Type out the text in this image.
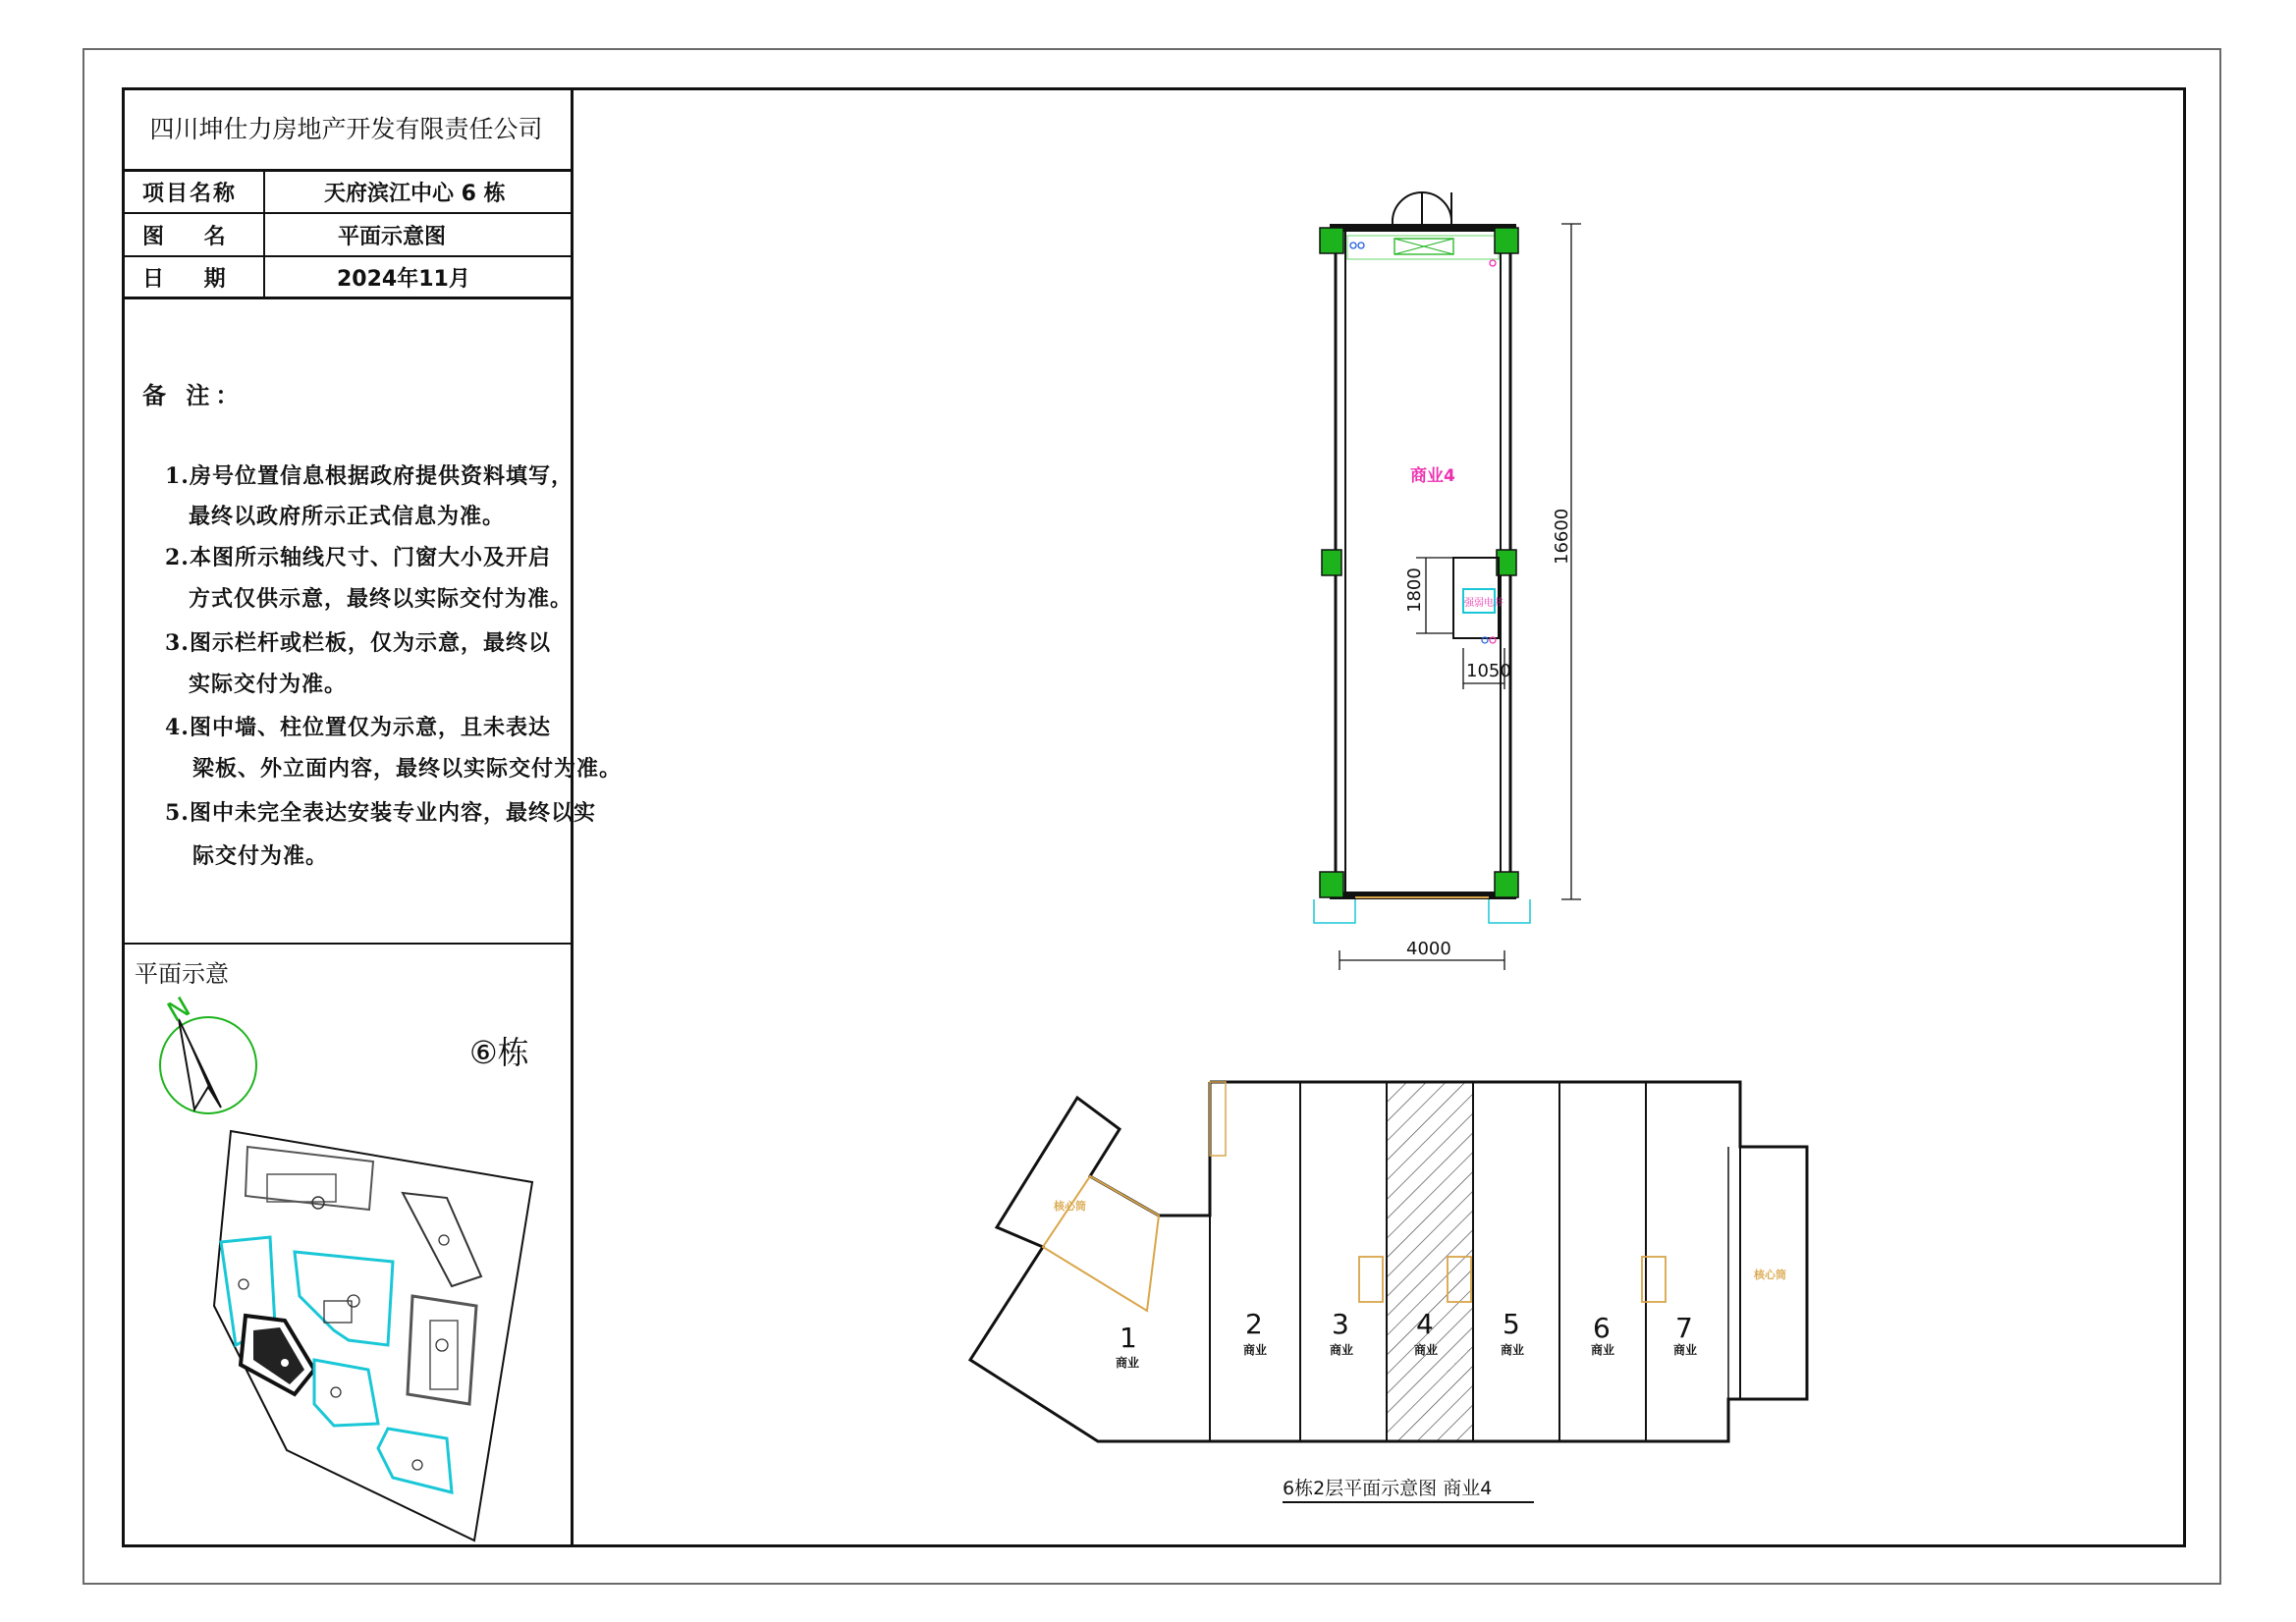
四川坤仕力房地产开发有限责任公司
项目名称	天府滨江中心 6 栋
图    名	平面示意图
日    期	2024年11月
备 注：
1.房号位置信息根据政府提供资料填写，
最终以政府所示正式信息为准。
2.本图所示轴线尺寸、门窗大小及开启
方式仅供示意，最终以实际交付为准。
3.图示栏杆或栏板，仅为示意，最终以
实际交付为准。
4.图中墙、柱位置仅为示意，且未表达
梁板、外立面内容，最终以实际交付为准。
5.图中未完全表达安装专业内容，最终以实
际交付为准。
平面示意
N
⑥栋
16600
4000
1800
1050
商业4
强弱电井
核心筒
核心筒
1
商业
2
商业
3
商业
4
商业
5
商业
6
商业
7
商业
6栋2层平面示意图 商业4
